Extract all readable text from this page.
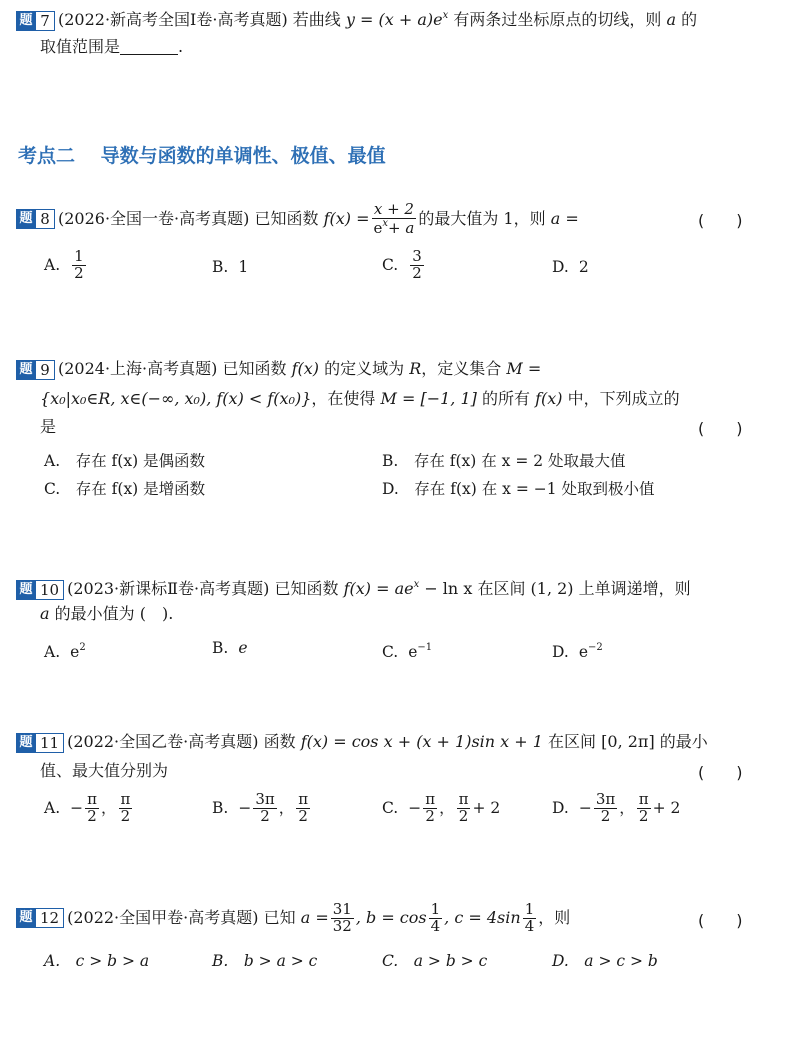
题 7 (2022·新高考全国Ⅰ卷·高考真题) 若曲线 $y = (x + a)e^x$ 有两条过坐标原点的切线，则 a 的
取值范围是	.
考点二　 导数与函数的单调性、极值、最值
题 8 (2026·全国一卷·高考真题)
已知函数
$f(x) = \frac{x + 2}{e^x+ a}$ 的最大值为 1，则
a =	(　　)
A. $\frac{1}{2}$	B. 1	C. $\frac{3}{2}$	D. 2
题 9 (2024·上海·高考真题) 已知函数 f(x) 的定义域为 R，定义集合 M =
{x₀|x₀∈R, x∈(−∞, x₀), f(x) < f(x₀)}，在使得 M = [−1, 1] 的所有 f(x) 中，下列成立的
是	(　　)
A.　存在 f(x) 是偶函数	B.　存在 f(x) 在 x = 2 处取最大值
C.　存在 f(x) 是增函数	D.　存在 f(x) 在 x = −1 处取到极小值
题 10 (2023·新课标Ⅱ卷·高考真题) 已知函数 $f(x) = ae^x - \ln x$ 在区间 (1, 2) 上单调递增，则
a 的最小值为 (　).
A. $e^2$	B. e	C. $e^{-1}$	D. $e^{-2}$
题 11 (2022·全国乙卷·高考真题) 函数 f(x) = cos x + (x + 1)sin x + 1 在区间 [0, 2π] 的最小
值、最大值分别为	(　　)
A. − $\frac{\pi}{2}$ ， $\frac{\pi}{2}$	B. − $\frac{3\pi}{2}$ ， $\frac{\pi}{2}$	C. − $\frac{\pi}{2}$ ， $\frac{\pi}{2} + 2$	D. − $\frac{3\pi}{2}$ ， $\frac{\pi}{2} + 2$
题 12 (2022·全国甲卷·高考真题)
已知
$a = \frac{31}{32}$ , $b = \cos \frac{1}{4}$ , $c = 4\sin \frac{1}{4}$ ，则	(　　)
A.　c > b > a	B.　b > a > c	C.　a > b > c	D.　a > c > b
